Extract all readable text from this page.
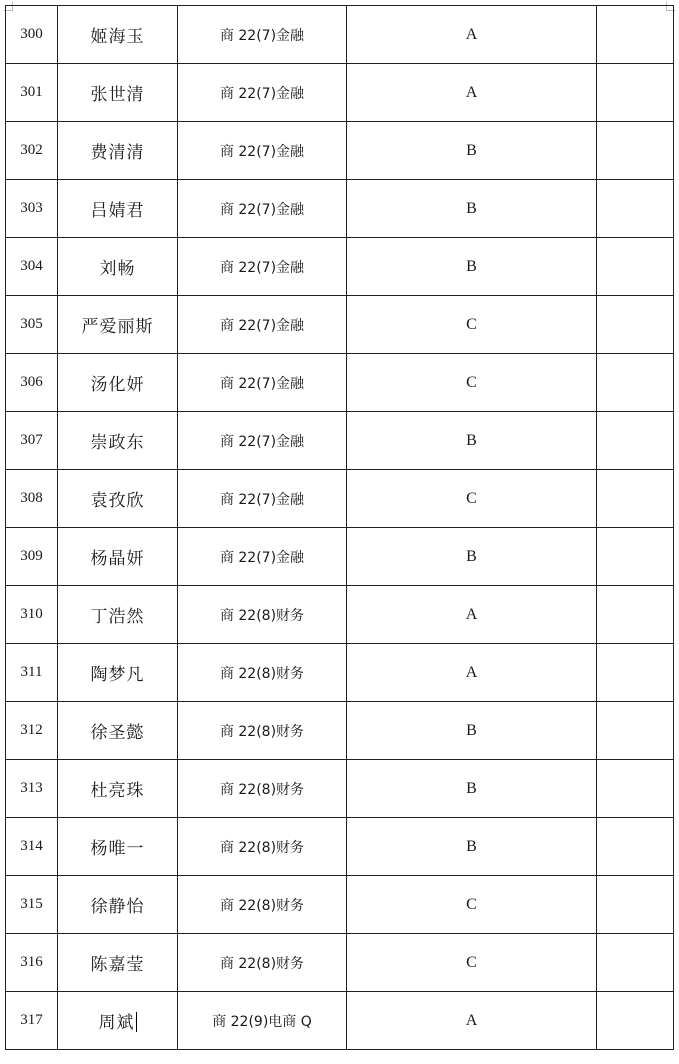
300	姬海玉	商 22(7)金融	A	
301	张世清	商 22(7)金融	A	
302	费清清	商 22(7)金融	B	
303	吕婧君	商 22(7)金融	B	
304	刘畅	商 22(7)金融	B	
305	严爱丽斯	商 22(7)金融	C	
306	汤化妍	商 22(7)金融	C	
307	崇政东	商 22(7)金融	B	
308	袁孜欣	商 22(7)金融	C	
309	杨晶妍	商 22(7)金融	B	
310	丁浩然	商 22(8)财务	A	
311	陶梦凡	商 22(8)财务	A	
312	徐圣懿	商 22(8)财务	B	
313	杜亮珠	商 22(8)财务	B	
314	杨唯一	商 22(8)财务	B	
315	徐静怡	商 22(8)财务	C	
316	陈嘉莹	商 22(8)财务	C	
317	周斌	商 22(9)电商 Q	A	
